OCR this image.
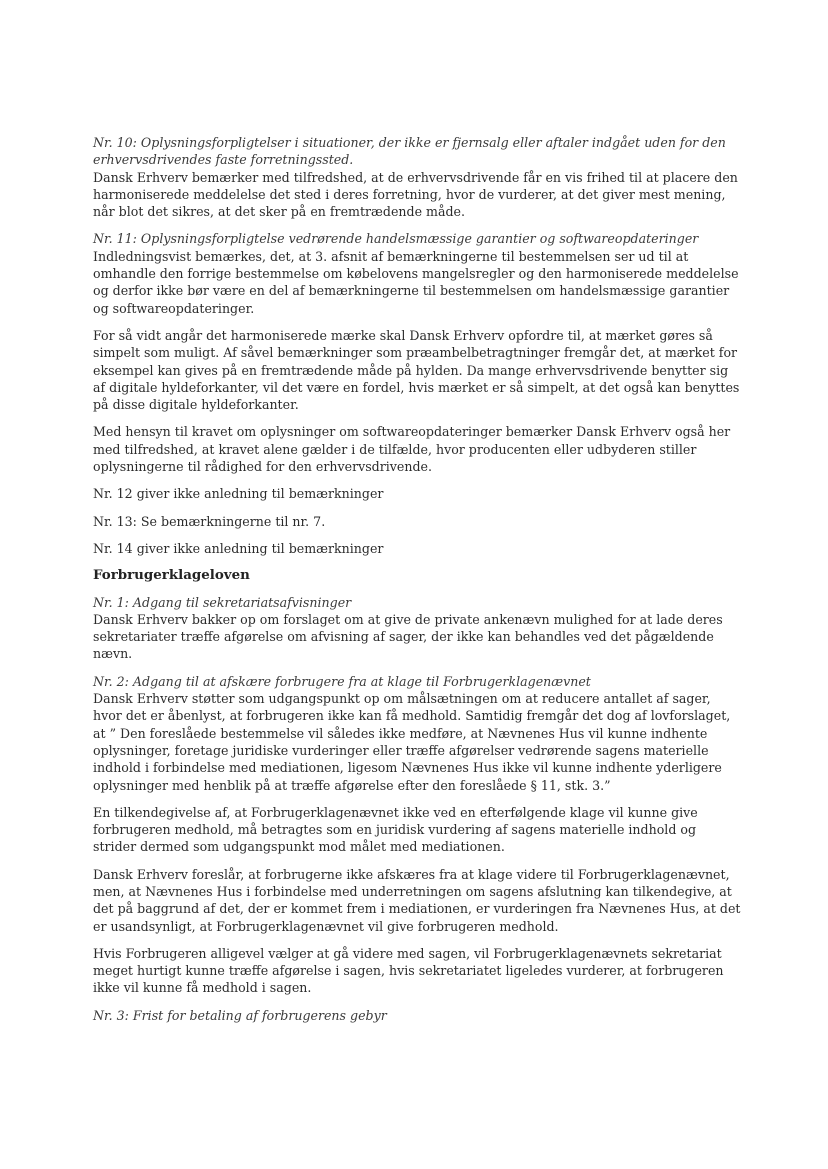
Nr. 10: Oplysningsforpligtelser i situationer, der ikke er fjernsalg eller aftaler indgået uden for den erhvervsdrivendes faste forretningssted.

Dansk Erhverv bemærker med tilfredshed, at de erhvervsdrivende får en vis frihed til at placere den harmoniserede meddelelse det sted i deres forretning, hvor de vurderer, at det giver mest mening, når blot det sikres, at det sker på en fremtrædende måde.

Nr. 11: Oplysningsforpligtelse vedrørende handelsmæssige garantier og softwareopdateringer

Indledningsvist bemærkes, det, at 3. afsnit af bemærkningerne til bestemmelsen ser ud til at omhandle den forrige bestemmelse om købelovens mangelsregler og den harmoniserede meddelelse og derfor ikke bør være en del af bemærkningerne til bestemmelsen om handelsmæssige garantier og softwareopdateringer.

For så vidt angår det harmoniserede mærke skal Dansk Erhverv opfordre til, at mærket gøres så simpelt som muligt. Af såvel bemærkninger som præambelbetragtninger fremgår det, at mærket for eksempel kan gives på en fremtrædende måde på hylden. Da mange erhvervsdrivende benytter sig af digitale hyldeforkanter, vil det være en fordel, hvis mærket er så simpelt, at det også kan benyttes på disse digitale hyldeforkanter.

Med hensyn til kravet om oplysninger om softwareopdateringer bemærker Dansk Erhverv også her med tilfredshed, at kravet alene gælder i de tilfælde, hvor producenten eller udbyderen stiller oplysningerne til rådighed for den erhvervsdrivende.

Nr. 12 giver ikke anledning til bemærkninger

Nr. 13: Se bemærkningerne til nr. 7.

Nr. 14 giver ikke anledning til bemærkninger

Forbrugerklageloven

Nr. 1: Adgang til sekretariatsafvisninger

Dansk Erhverv bakker op om forslaget om at give de private ankenævn mulighed for at lade deres sekretariater træffe afgørelse om afvisning af sager, der ikke kan behandles ved det pågældende nævn.

Nr. 2: Adgang til at afskære forbrugere fra at klage til Forbrugerklagenævnet

Dansk Erhverv støtter som udgangspunkt op om målsætningen om at reducere antallet af sager, hvor det er åbenlyst, at forbrugeren ikke kan få medhold. Samtidig fremgår det dog af lovforslaget, at ” Den foreslåede bestemmelse vil således ikke medføre, at Nævnenes Hus vil kunne indhente oplysninger, foretage juridiske vurderinger eller træffe afgørelser vedrørende sagens materielle indhold i forbindelse med mediationen, ligesom Nævnenes Hus ikke vil kunne indhente yderligere oplysninger med henblik på at træffe afgørelse efter den foreslåede § 11, stk. 3.”

En tilkendegivelse af, at Forbrugerklagenævnet ikke ved en efterfølgende klage vil kunne give forbrugeren medhold, må betragtes som en juridisk vurdering af sagens materielle indhold og strider dermed som udgangspunkt mod målet med mediationen.

Dansk Erhverv foreslår, at forbrugerne ikke afskæres fra at klage videre til Forbrugerklagenævnet, men, at Nævnenes Hus i forbindelse med underretningen om sagens afslutning kan tilkendegive, at det på baggrund af det, der er kommet frem i mediationen, er vurderingen fra Nævnenes Hus, at det er usandsynligt, at Forbrugerklagenævnet vil give forbrugeren medhold.

Hvis Forbrugeren alligevel vælger at gå videre med sagen, vil Forbrugerklagenævnets sekretariat meget hurtigt kunne træffe afgørelse i sagen, hvis sekretariatet ligeledes vurderer, at forbrugeren ikke vil kunne få medhold i sagen.

Nr. 3: Frist for betaling af forbrugerens gebyr
